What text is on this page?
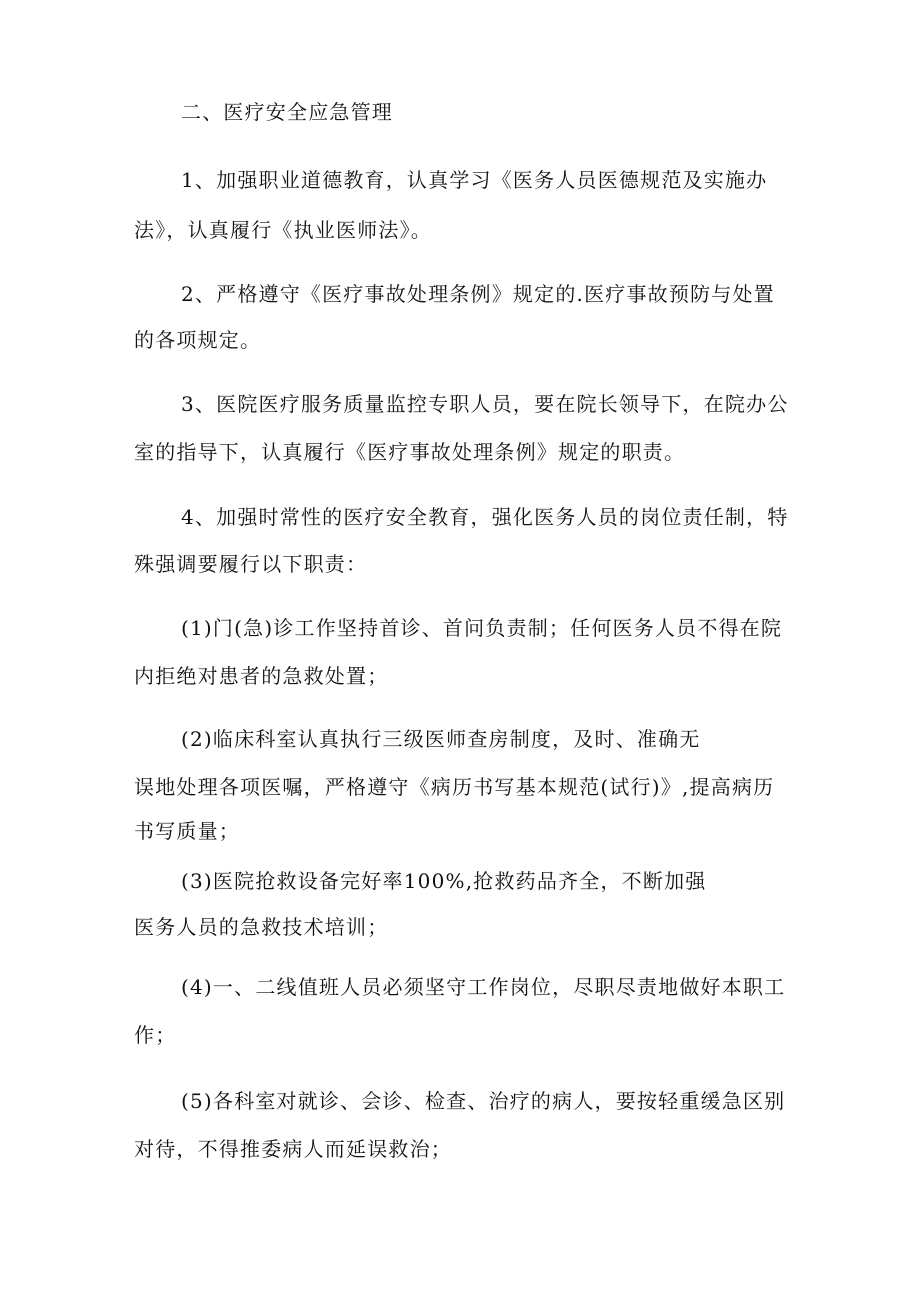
二、医疗安全应急管理
1、加强职业道德教育，认真学习《医务人员医德规范及实施办
法》，认真履行《执业医师法》。
2、严格遵守《医疗事故处理条例》规定的.医疗事故预防与处置
的各项规定。
3、医院医疗服务质量监控专职人员，要在院长领导下，在院办公
室的指导下，认真履行《医疗事故处理条例》规定的职责。
4、加强时常性的医疗安全教育，强化医务人员的岗位责任制，特
殊强调要履行以下职责：
(1)门(急)诊工作坚持首诊、首问负责制；任何医务人员不得在院
内拒绝对患者的急救处置；
(2)临床科室认真执行三级医师查房制度，及时、准确无
误地处理各项医嘱，严格遵守《病历书写基本规范(试行)》,提高病历
书写质量；
(3)医院抢救设备完好率100%,抢救药品齐全，不断加强
医务人员的急救技术培训；
(4)一、二线值班人员必须坚守工作岗位，尽职尽责地做好本职工
作；
(5)各科室对就诊、会诊、检查、治疗的病人，要按轻重缓急区别
对待，不得推委病人而延误救治；
